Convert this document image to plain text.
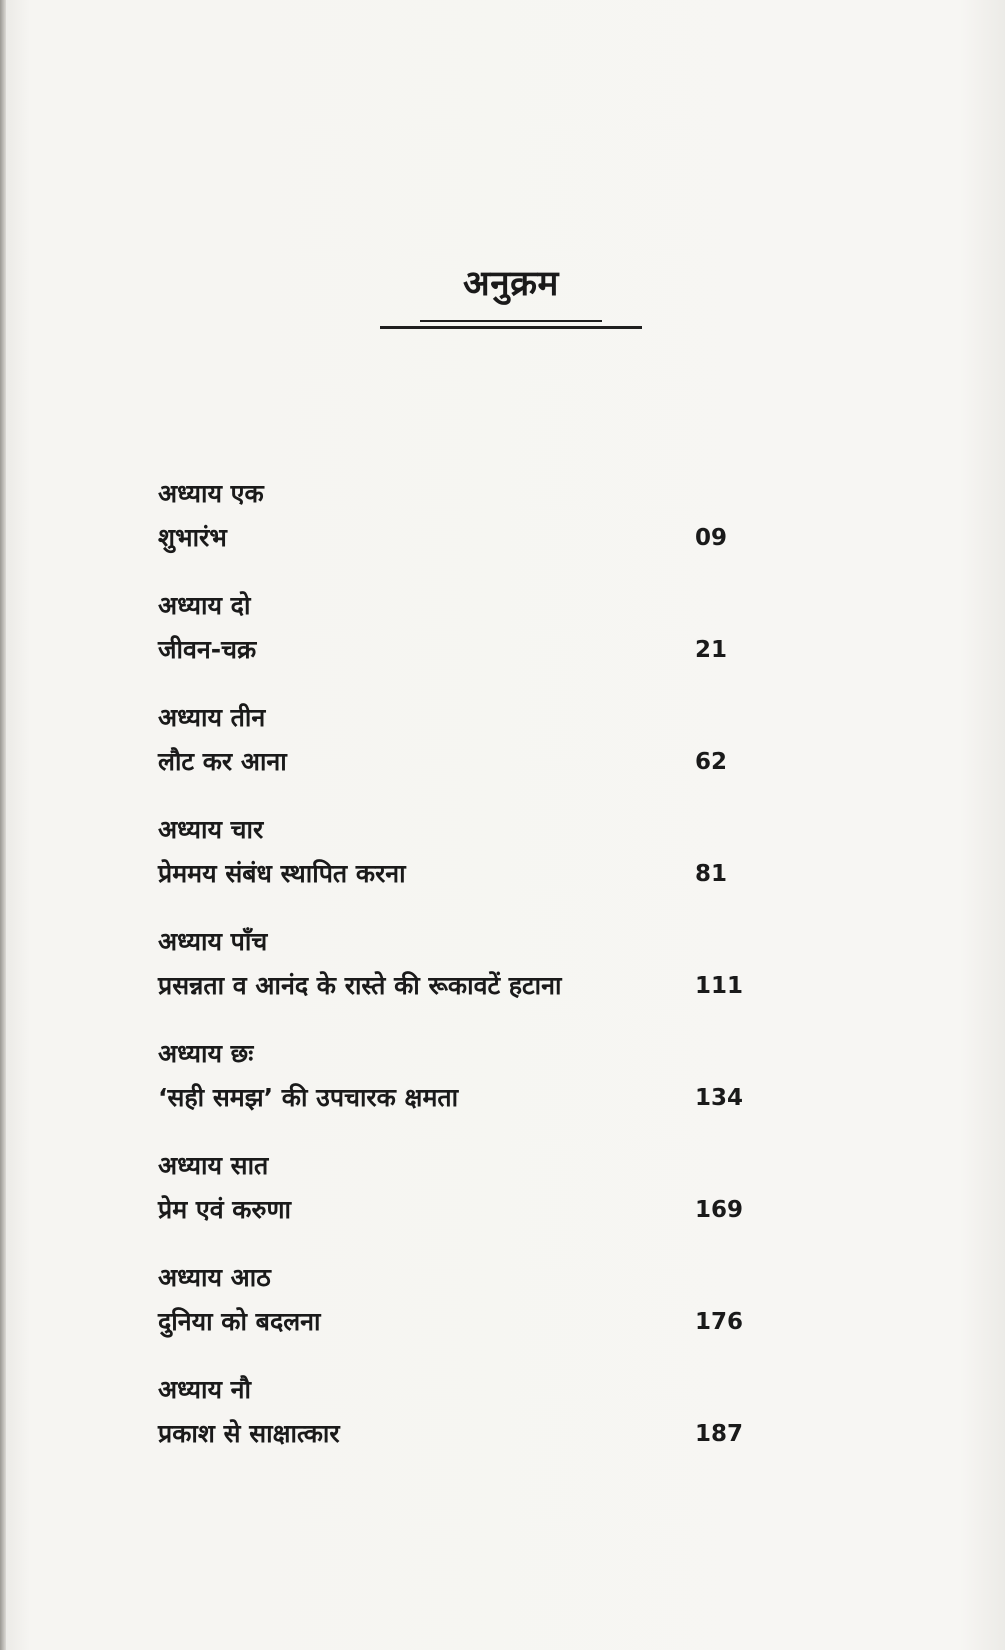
अनुक्रम
अध्याय एक
शुभारंभ	09
अध्याय दो
जीवन-चक्र	21
अध्याय तीन
लौट कर आना	62
अध्याय चार
प्रेममय संबंध स्थापित करना	81
अध्याय पाँच
प्रसन्नता व आनंद के रास्ते की रूकावटें हटाना	111
अध्याय छः
‘सही समझ’ की उपचारक क्षमता	134
अध्याय सात
प्रेम एवं करुणा	169
अध्याय आठ
दुनिया को बदलना	176
अध्याय नौ
प्रकाश से साक्षात्कार	187
